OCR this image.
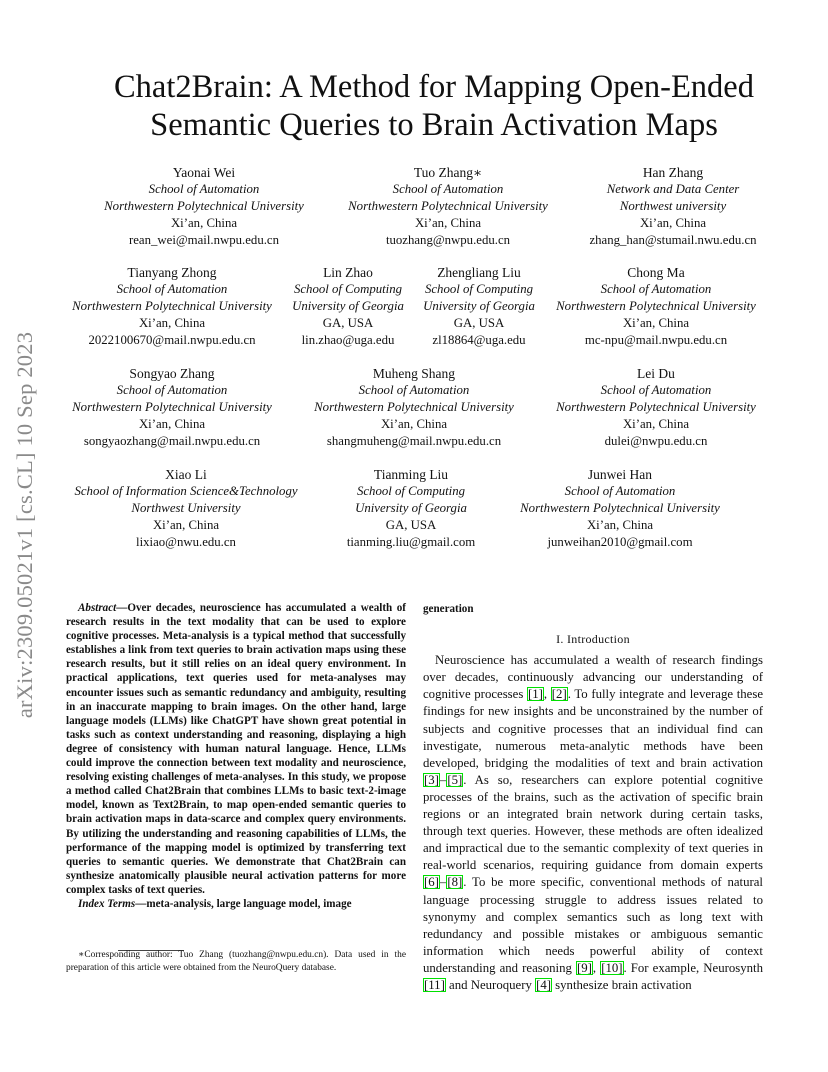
arXiv:2309.05021v1 [cs.CL] 10 Sep 2023
Chat2Brain: A Method for Mapping Open-Ended Semantic Queries to Brain Activation Maps
Yaonai Wei
School of Automation
Northwestern Polytechnical University
Xi’an, China
rean_wei@mail.nwpu.edu.cn
Tuo Zhang∗
School of Automation
Northwestern Polytechnical University
Xi’an, China
tuozhang@nwpu.edu.cn
Han Zhang
Network and Data Center
Northwest university
Xi’an, China
zhang_han@stumail.nwu.edu.cn
Tianyang Zhong
School of Automation
Northwestern Polytechnical University
Xi’an, China
2022100670@mail.nwpu.edu.cn
Lin Zhao
School of Computing
University of Georgia
GA, USA
lin.zhao@uga.edu
Zhengliang Liu
School of Computing
University of Georgia
GA, USA
zl18864@uga.edu
Chong Ma
School of Automation
Northwestern Polytechnical University
Xi’an, China
mc-npu@mail.nwpu.edu.cn
Songyao Zhang
School of Automation
Northwestern Polytechnical University
Xi’an, China
songyaozhang@mail.nwpu.edu.cn
Muheng Shang
School of Automation
Northwestern Polytechnical University
Xi’an, China
shangmuheng@mail.nwpu.edu.cn
Lei Du
School of Automation
Northwestern Polytechnical University
Xi’an, China
dulei@nwpu.edu.cn
Xiao Li
School of Information Science&Technology
Northwest University
Xi’an, China
lixiao@nwu.edu.cn
Tianming Liu
School of Computing
University of Georgia
GA, USA
tianming.liu@gmail.com
Junwei Han
School of Automation
Northwestern Polytechnical University
Xi’an, China
junweihan2010@gmail.com

Abstract—Over decades, neuroscience has accumulated a wealth of research results in the text modality that can be used to explore cognitive processes. Meta-analysis is a typical method that successfully establishes a link from text queries to brain activation maps using these research results, but it still relies on an ideal query environment. In practical applications, text queries used for meta-analyses may encounter issues such as semantic redundancy and ambiguity, resulting in an inaccurate mapping to brain images. On the other hand, large language models (LLMs) like ChatGPT have shown great potential in tasks such as context understanding and reasoning, displaying a high degree of consistency with human natural language. Hence, LLMs could improve the connection between text modality and neuroscience, resolving existing challenges of meta-analyses. In this study, we propose a method called Chat2Brain that combines LLMs to basic text-2-image model, known as Text2Brain, to map open-ended semantic queries to brain activation maps in data-scarce and complex query environments. By utilizing the understanding and reasoning capabilities of LLMs, the performance of the mapping model is optimized by transferring text queries to semantic queries. We demonstrate that Chat2Brain can synthesize anatomically plausible neural activation patterns for more complex tasks of text queries.

Index Terms—meta-analysis, large language model, image

∗Corresponding author: Tuo Zhang (tuozhang@nwpu.edu.cn). Data used in the preparation of this article were obtained from the NeuroQuery database.

generation
I. Introduction

Neuroscience has accumulated a wealth of research findings over decades, continuously advancing our understanding of cognitive processes [1], [2]. To fully integrate and leverage these findings for new insights and be unconstrained by the number of subjects and cognitive processes that an individual find can investigate, numerous meta-analytic methods have been developed, bridging the modalities of text and brain activation [3]–[5]. As so, researchers can explore potential cognitive processes of the brains, such as the activation of specific brain regions or an integrated brain network during certain tasks, through text queries. However, these methods are often idealized and impractical due to the semantic complexity of text queries in real-world scenarios, requiring guidance from domain experts [6]–[8]. To be more specific, conventional methods of natural language processing struggle to address issues related to synonymy and complex semantics such as long text with redundancy and possible mistakes or ambiguous semantic information which needs powerful ability of context understanding and reasoning [9], [10]. For example, Neurosynth [11] and Neuroquery [4] synthesize brain activation
